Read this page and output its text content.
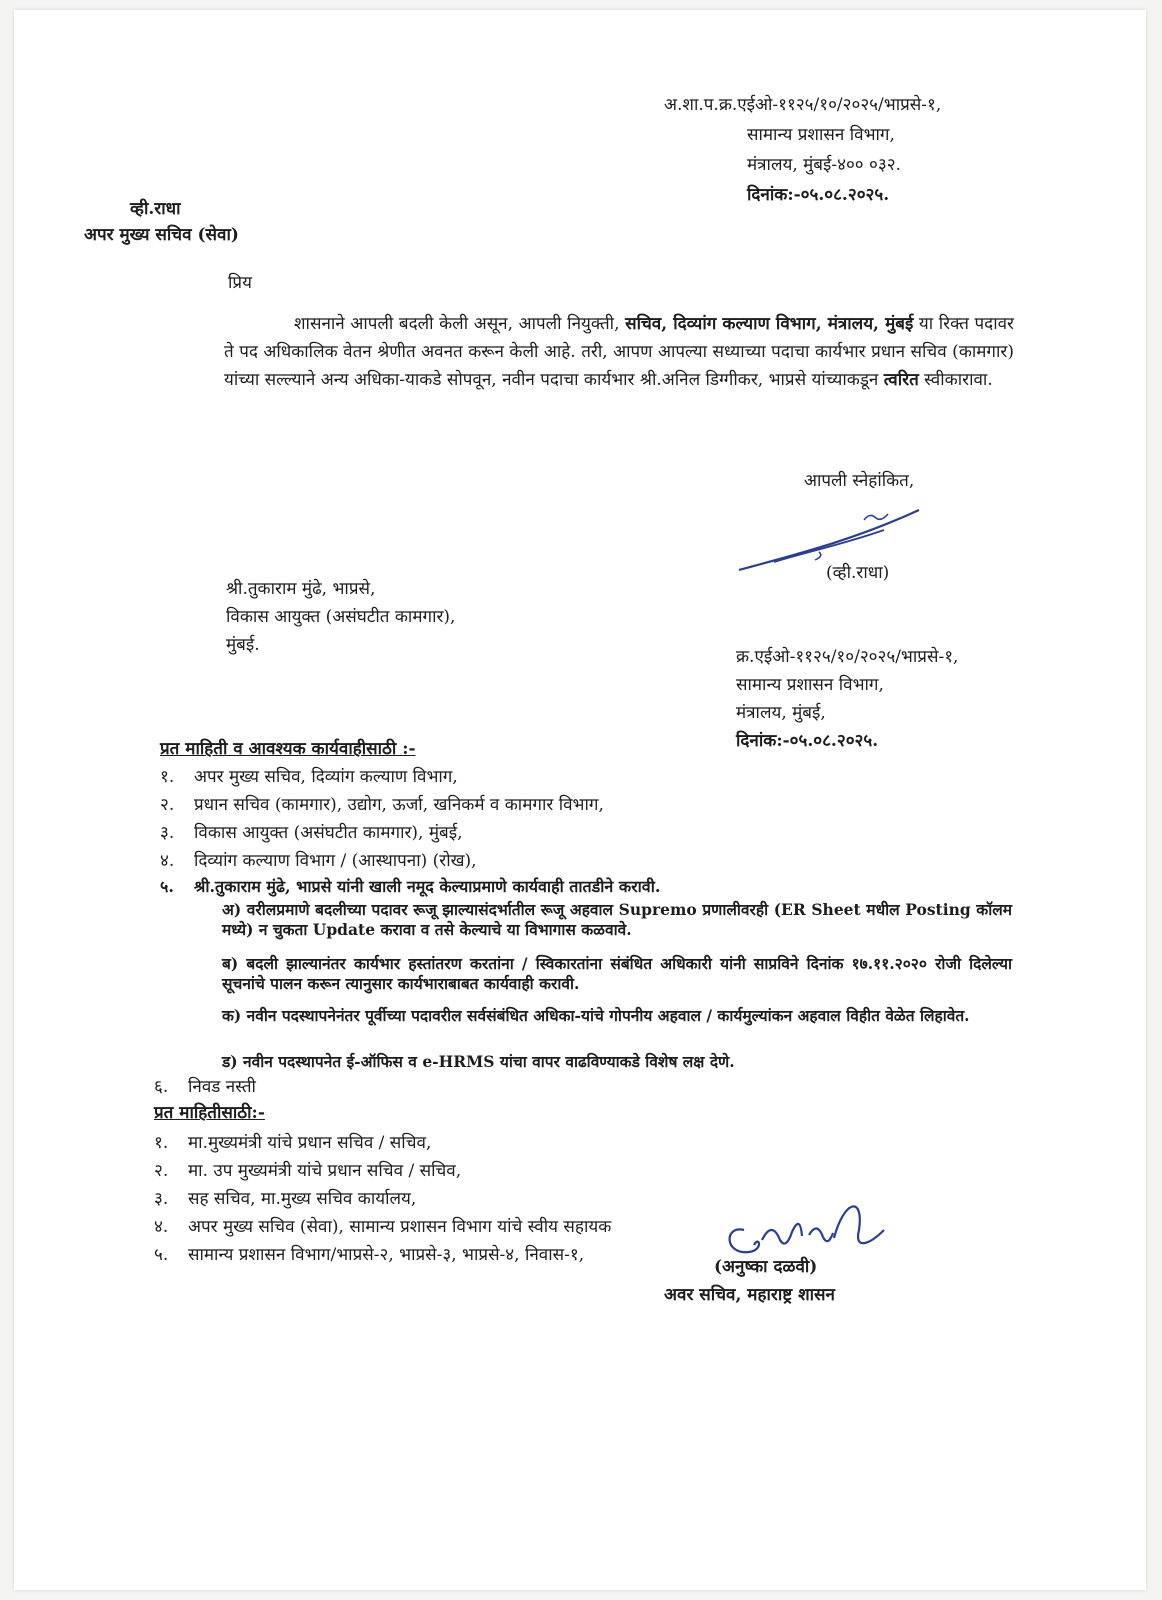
अ.शा.प.क्र.एईओ-११२५/१०/२०२५/भाप्रसे-१,
सामान्य प्रशासन विभाग,
मंत्रालय, मुंबई-४०० ०३२.
दिनांक:-०५.०८.२०२५.
व्ही.राधा
अपर मुख्य सचिव (सेवा)
प्रिय
शासनाने आपली बदली केली असून, आपली नियुक्ती, सचिव, दिव्यांग कल्याण विभाग, मंत्रालय, मुंबई या रिक्त पदावर ते पद अधिकालिक वेतन श्रेणीत अवनत करून केली आहे. तरी, आपण आपल्या सध्याच्या पदाचा कार्यभार प्रधान सचिव (कामगार) यांच्या सल्ल्याने अन्य अधिका-याकडे सोपवून, नवीन पदाचा कार्यभार श्री.अनिल डिग्गीकर, भाप्रसे यांच्याकडून त्वरित स्वीकारावा.
आपली स्नेहांकित,
(व्ही.राधा)
श्री.तुकाराम मुंढे, भाप्रसे,
विकास आयुक्त (असंघटीत कामगार),
मुंबई.
क्र.एईओ-११२५/१०/२०२५/भाप्रसे-१,
सामान्य प्रशासन विभाग,
मंत्रालय, मुंबई,
दिनांक:-०५.०८.२०२५.
प्रत माहिती व आवश्यक कार्यवाहीसाठी :-
१. अपर मुख्य सचिव, दिव्यांग कल्याण विभाग,
२. प्रधान सचिव (कामगार), उद्योग, ऊर्जा, खनिकर्म व कामगार विभाग,
३. विकास आयुक्त (असंघटीत कामगार), मुंबई,
४. दिव्यांग कल्याण विभाग / (आस्थापना) (रोख),
५. श्री.तुकाराम मुंढे, भाप्रसे यांनी खाली नमूद केल्याप्रमाणे कार्यवाही तातडीने करावी.
अ) वरीलप्रमाणे बदलीच्या पदावर रूजू झाल्यासंदर्भातील रूजू अहवाल Supremo प्रणालीवरही (ER Sheet मधील Posting कॉलम मध्ये) न चुकता Update करावा व तसे केल्याचे या विभागास कळवावे.
ब) बदली झाल्यानंतर कार्यभार हस्तांतरण करतांना / स्विकारतांना संबंधित अधिकारी यांनी साप्रविने दिनांक १७.११.२०२० रोजी दिलेल्या सूचनांचे पालन करून त्यानुसार कार्यभाराबाबत कार्यवाही करावी.
क) नवीन पदस्थापनेनंतर पूर्वीच्या पदावरील सर्वसंबंधित अधिका-यांचे गोपनीय अहवाल / कार्यमुल्यांकन अहवाल विहीत वेळेत लिहावेत.
ड) नवीन पदस्थापनेत ई-ऑफिस व e-HRMS यांचा वापर वाढविण्याकडे विशेष लक्ष देणे.
६. निवड नस्ती
प्रत माहितीसाठी:-
१. मा.मुख्यमंत्री यांचे प्रधान सचिव / सचिव,
२. मा. उप मुख्यमंत्री यांचे प्रधान सचिव / सचिव,
३. सह सचिव, मा.मुख्य सचिव कार्यालय,
४. अपर मुख्य सचिव (सेवा), सामान्य प्रशासन विभाग यांचे स्वीय सहायक
५. सामान्य प्रशासन विभाग/भाप्रसे-२, भाप्रसे-३, भाप्रसे-४, निवास-१,
(अनुष्का दळवी)
अवर सचिव, महाराष्ट्र शासन
